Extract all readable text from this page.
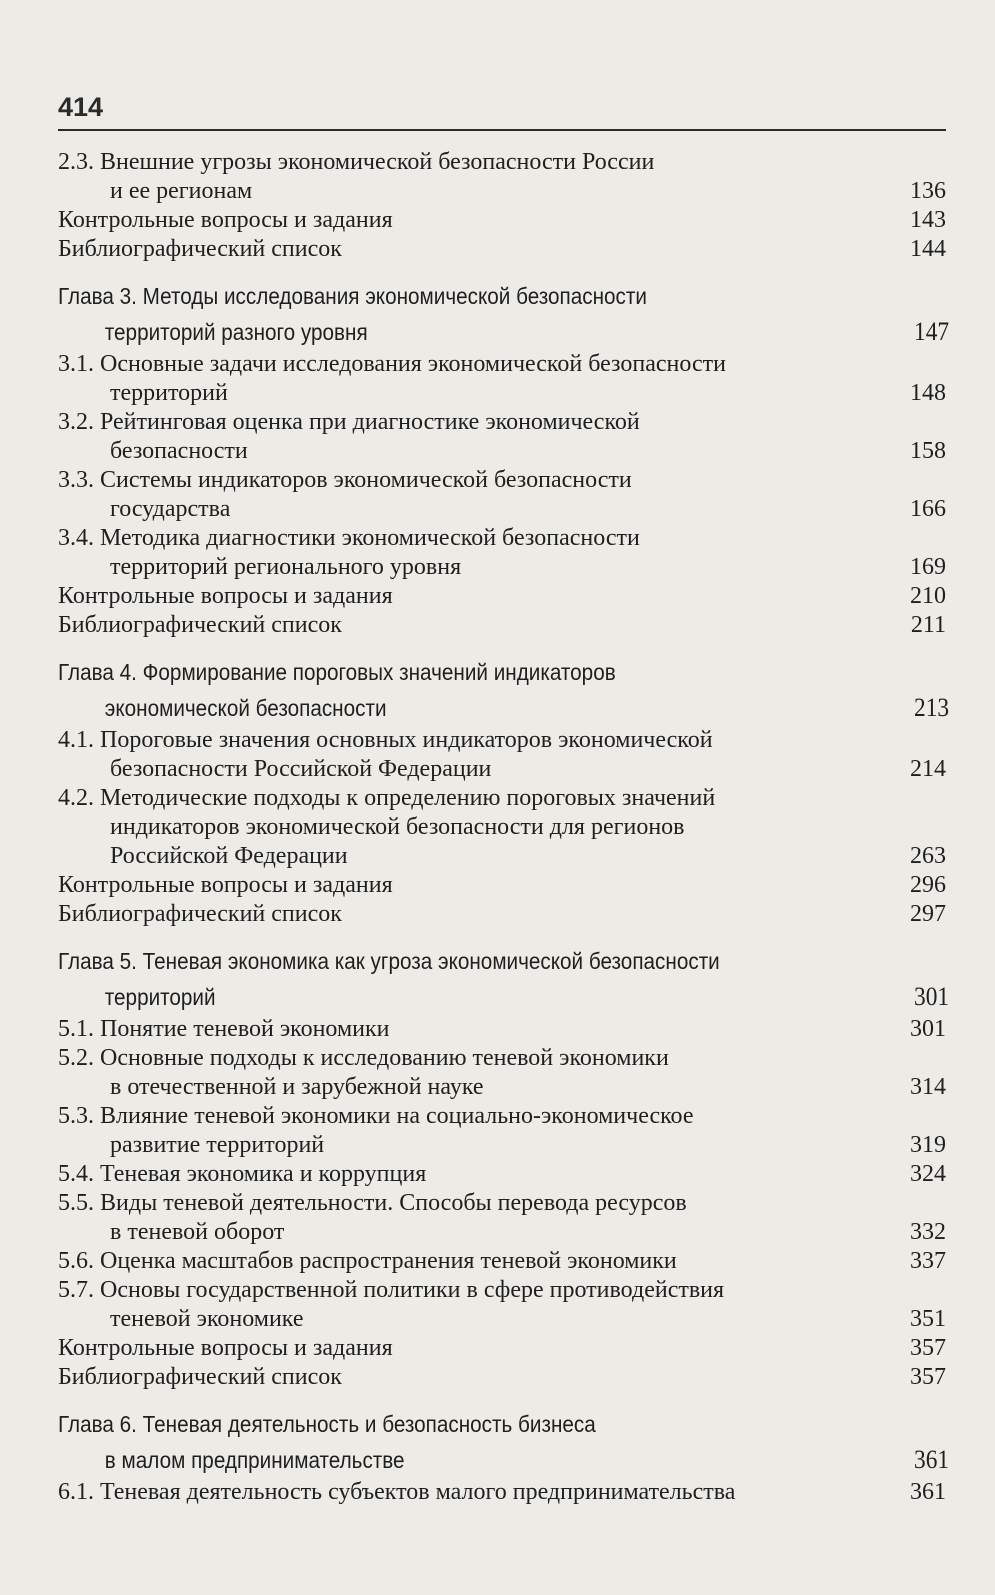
414
2.3. Внешние угрозы экономической безопасности России
и ее регионам	136
Контрольные вопросы и задания	143
Библиографический список	144
Глава 3. Методы исследования экономической безопасности
территорий разного уровня	147
3.1. Основные задачи исследования экономической безопасности
территорий	148
3.2. Рейтинговая оценка при диагностике экономической
безопасности	158
3.3. Системы индикаторов экономической безопасности
государства	166
3.4. Методика диагностики экономической безопасности
территорий регионального уровня	169
Контрольные вопросы и задания	210
Библиографический список	211
Глава 4. Формирование пороговых значений индикаторов
экономической безопасности	213
4.1. Пороговые значения основных индикаторов экономической
безопасности Российской Федерации	214
4.2. Методические подходы к определению пороговых значений
индикаторов экономической безопасности для регионов
Российской Федерации	263
Контрольные вопросы и задания	296
Библиографический список	297
Глава 5. Теневая экономика как угроза экономической безопасности
территорий	301
5.1. Понятие теневой экономики	301
5.2. Основные подходы к исследованию теневой экономики
в отечественной и зарубежной науке	314
5.3. Влияние теневой экономики на социально-экономическое
развитие территорий	319
5.4. Теневая экономика и коррупция	324
5.5. Виды теневой деятельности. Способы перевода ресурсов
в теневой оборот	332
5.6. Оценка масштабов распространения теневой экономики	337
5.7. Основы государственной политики в сфере противодействия
теневой экономике	351
Контрольные вопросы и задания	357
Библиографический список	357
Глава 6. Теневая деятельность и безопасность бизнеса
в малом предпринимательстве	361
6.1. Теневая деятельность субъектов малого предпринимательства	361
